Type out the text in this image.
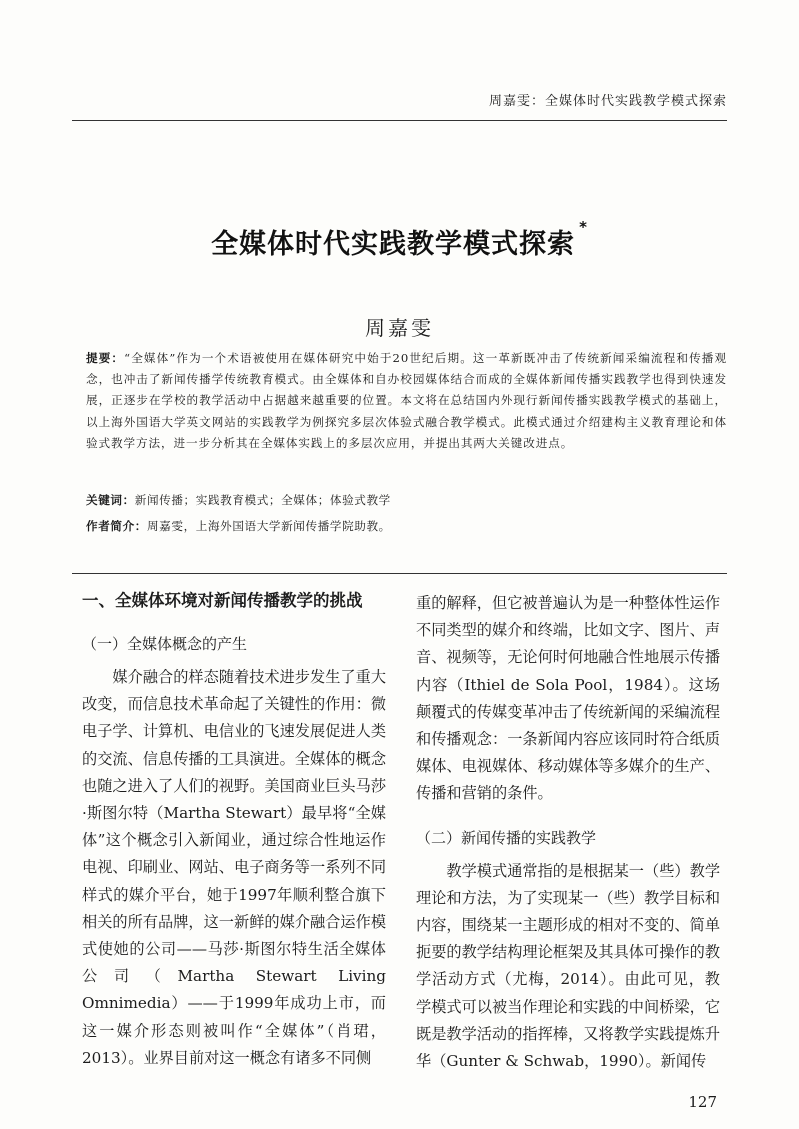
周嘉雯：全媒体时代实践教学模式探索
全媒体时代实践教学模式探索*
周嘉雯
提要：“全媒体”作为一个术语被使用在媒体研究中始于20世纪后期。这一革新既冲击了传统新闻采编流程和传播观念，也冲击了新闻传播学传统教育模式。由全媒体和自办校园媒体结合而成的全媒体新闻传播实践教学也得到快速发展，正逐步在学校的教学活动中占据越来越重要的位置。本文将在总结国内外现行新闻传播实践教学模式的基础上，以上海外国语大学英文网站的实践教学为例探究多层次体验式融合教学模式。此模式通过介绍建构主义教育理论和体验式教学方法，进一步分析其在全媒体实践上的多层次应用，并提出其两大关键改进点。
关键词：新闻传播；实践教育模式；全媒体；体验式教学
作者简介：周嘉雯，上海外国语大学新闻传播学院助教。
一、全媒体环境对新闻传播教学的挑战
（一）全媒体概念的产生

媒介融合的样态随着技术进步发生了重大改变，而信息技术革命起了关键性的作用：微电子学、计算机、电信业的飞速发展促进人类的交流、信息传播的工具演进。全媒体的概念也随之进入了人们的视野。美国商业巨头马莎·斯图尔特（Martha Stewart）最早将“全媒体”这个概念引入新闻业，通过综合性地运作电视、印刷业、网站、电子商务等一系列不同样式的媒介平台，她于1997年顺利整合旗下相关的所有品牌，这一新鲜的媒介融合运作模式使她的公司——马莎·斯图尔特生活全媒体公司（Martha Stewart Living Omnimedia）——于1999年成功上市，而这一媒介形态则被叫作“全媒体”（肖珺，2013）。业界目前对这一概念有诸多不同侧

重的解释，但它被普遍认为是一种整体性运作不同类型的媒介和终端，比如文字、图片、声音、视频等，无论何时何地融合性地展示传播内容（Ithiel de Sola Pool，1984）。这场颠覆式的传媒变革冲击了传统新闻的采编流程和传播观念：一条新闻内容应该同时符合纸质媒体、电视媒体、移动媒体等多媒介的生产、传播和营销的条件。

（二）新闻传播的实践教学

教学模式通常指的是根据某一（些）教学理论和方法，为了实现某一（些）教学目标和内容，围绕某一主题形成的相对不变的、简单扼要的教学结构理论框架及其具体可操作的教学活动方式（尤梅，2014）。由此可见，教学模式可以被当作理论和实践的中间桥梁，它既是教学活动的指挥棒，又将教学实践提炼升华（Gunter & Schwab，1990）。新闻传

127
